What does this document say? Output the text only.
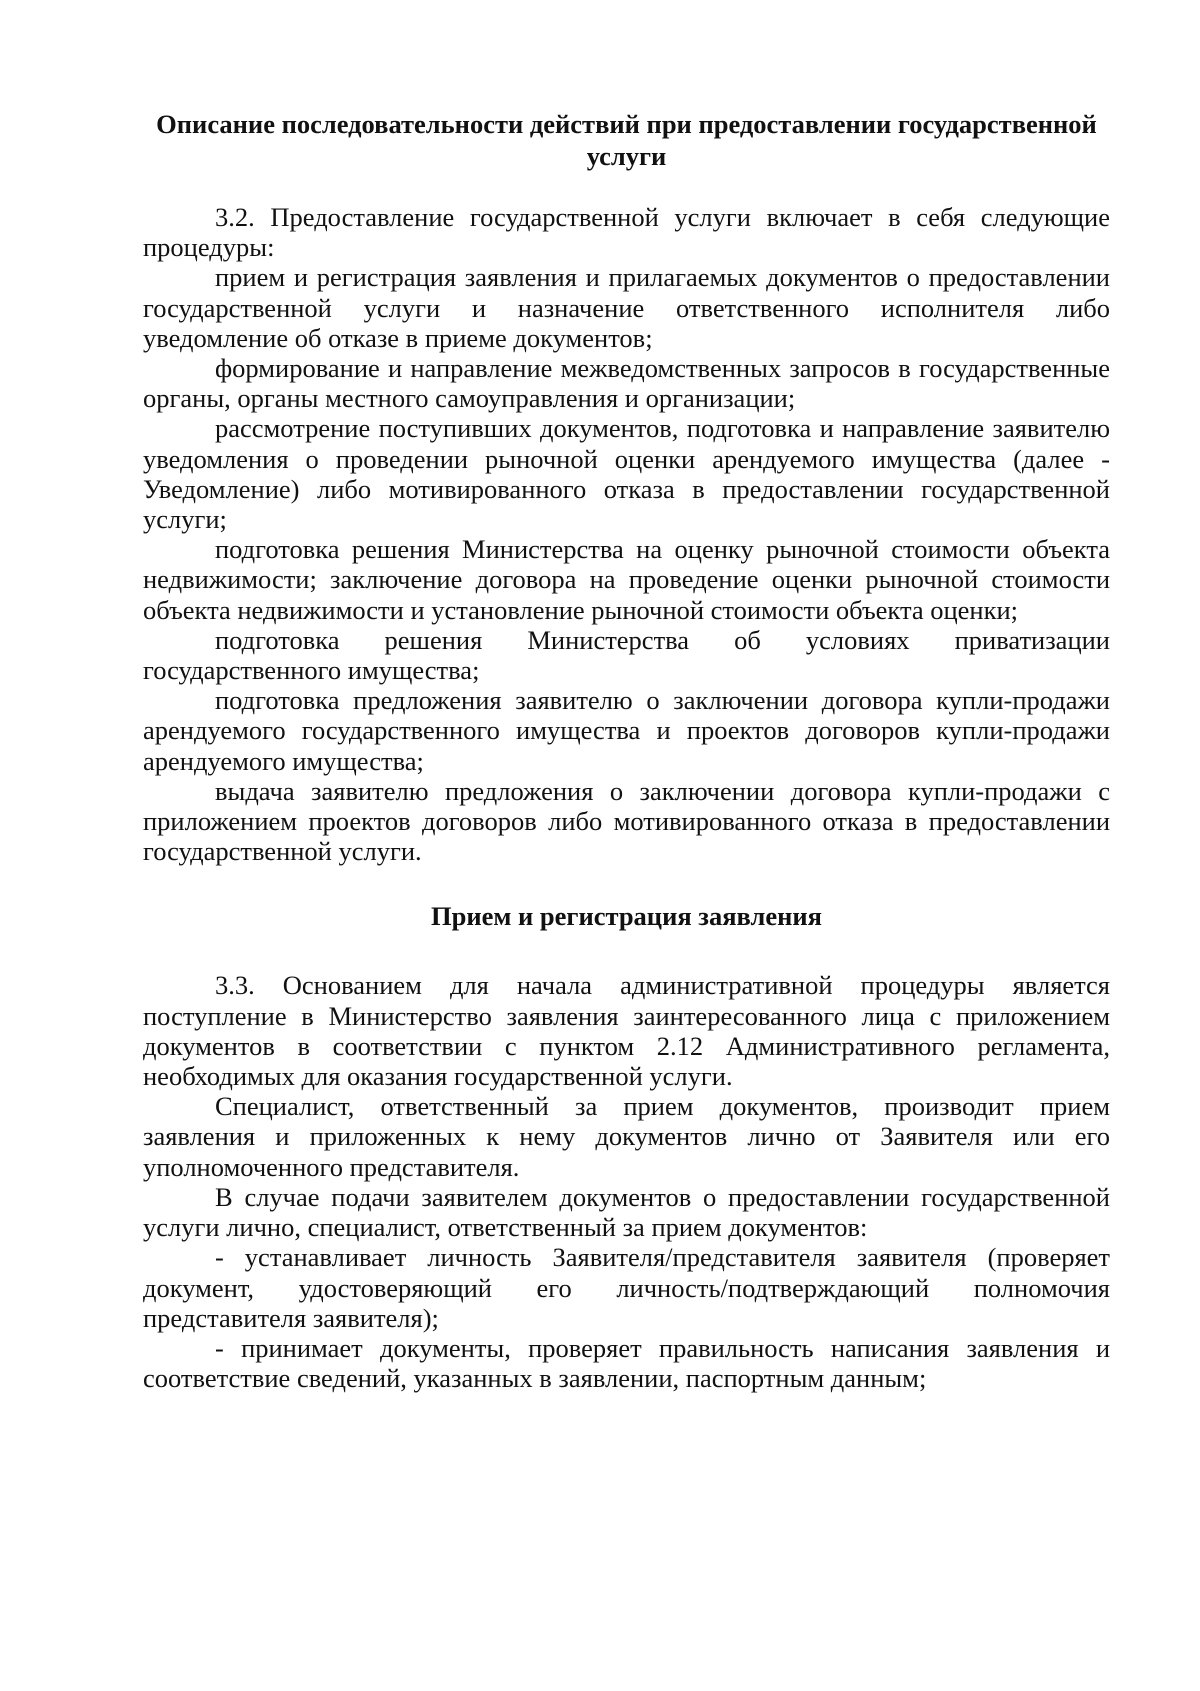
Описание последовательности действий при предоставлении государственной услуги

3.2. Предоставление государственной услуги включает в себя следующие процедуры:

прием и регистрация заявления и прилагаемых документов о предоставлении государственной услуги и назначение ответственного исполнителя либо уведомление об отказе в приеме документов;

формирование и направление межведомственных запросов в государственные органы, органы местного самоуправления и организации;

рассмотрение поступивших документов, подготовка и направление заявителю уведомления о проведении рыночной оценки арендуемого имущества (далее - Уведомление) либо мотивированного отказа в предоставлении государственной услуги;

подготовка решения Министерства на оценку рыночной стоимости объекта недвижимости; заключение договора на проведение оценки рыночной стоимости объекта недвижимости и установление рыночной стоимости объекта оценки;

подготовка решения Министерства об условиях приватизации государственного имущества;

подготовка предложения заявителю о заключении договора купли-продажи арендуемого государственного имущества и проектов договоров купли-продажи арендуемого имущества;

выдача заявителю предложения о заключении договора купли-продажи с приложением проектов договоров либо мотивированного отказа в предоставлении государственной услуги.

Прием и регистрация заявления

3.3. Основанием для начала административной процедуры является поступление в Министерство заявления заинтересованного лица с приложением документов в соответствии с пунктом 2.12 Административного регламента, необходимых для оказания государственной услуги.

Специалист, ответственный за прием документов, производит прием заявления и приложенных к нему документов лично от Заявителя или его уполномоченного представителя.

В случае подачи заявителем документов о предоставлении государственной услуги лично, специалист, ответственный за прием документов:

- устанавливает личность Заявителя/представителя заявителя (проверяет документ, удостоверяющий его личность/подтверждающий полномочия представителя заявителя);

- принимает документы, проверяет правильность написания заявления и соответствие сведений, указанных в заявлении, паспортным данным;
